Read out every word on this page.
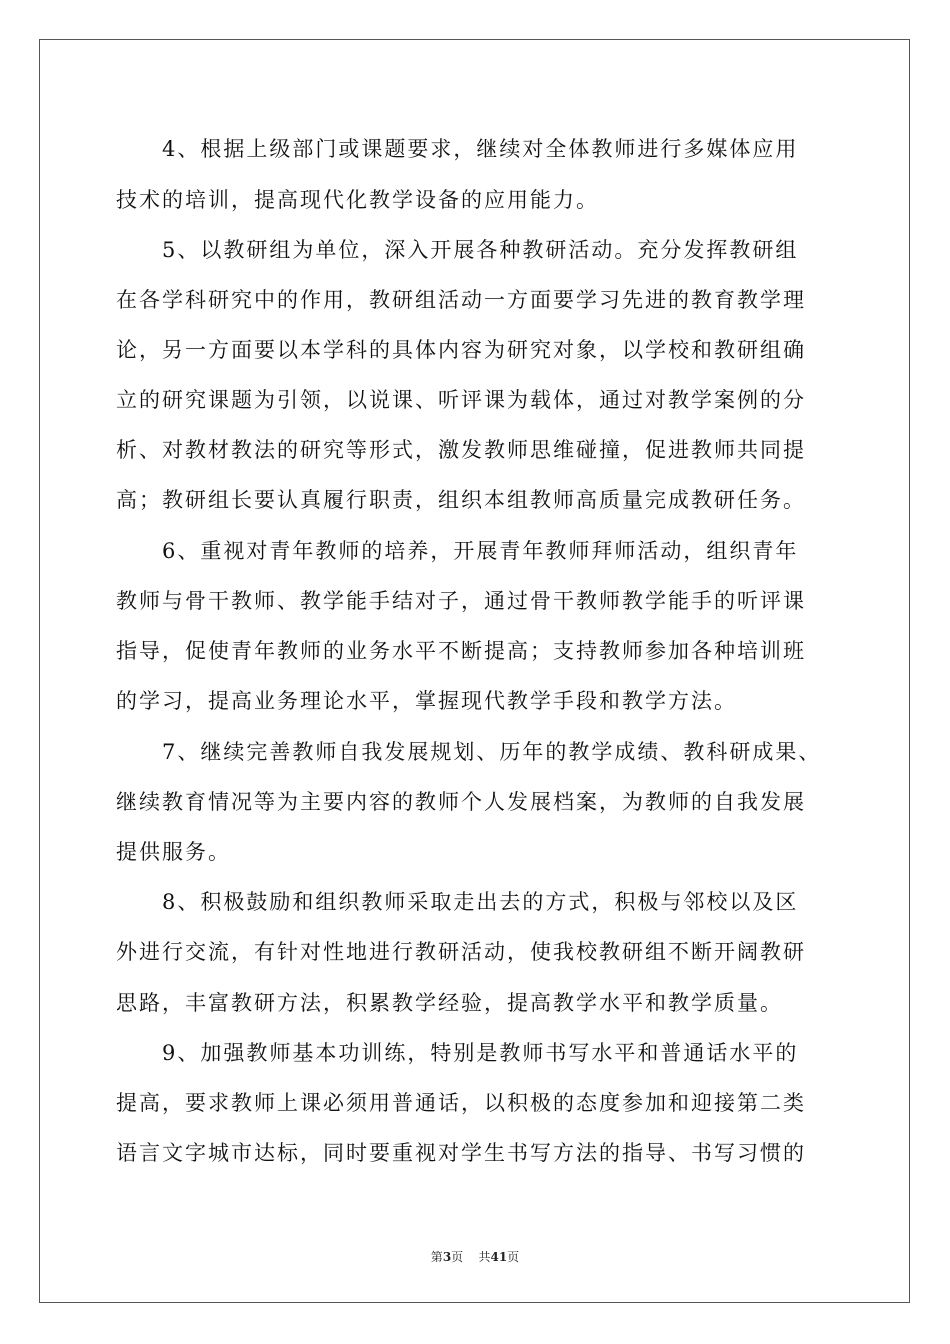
　　4、根据上级部门或课题要求，继续对全体教师进行多媒体应用
技术的培训，提高现代化教学设备的应用能力。
　　5、以教研组为单位，深入开展各种教研活动。充分发挥教研组
在各学科研究中的作用，教研组活动一方面要学习先进的教育教学理
论，另一方面要以本学科的具体内容为研究对象，以学校和教研组确
立的研究课题为引领，以说课、听评课为载体，通过对教学案例的分
析、对教材教法的研究等形式，激发教师思维碰撞，促进教师共同提
高；教研组长要认真履行职责，组织本组教师高质量完成教研任务。
　　6、重视对青年教师的培养，开展青年教师拜师活动，组织青年
教师与骨干教师、教学能手结对子，通过骨干教师教学能手的听评课
指导，促使青年教师的业务水平不断提高；支持教师参加各种培训班
的学习，提高业务理论水平，掌握现代教学手段和教学方法。
　　7、继续完善教师自我发展规划、历年的教学成绩、教科研成果、
继续教育情况等为主要内容的教师个人发展档案，为教师的自我发展
提供服务。
　　8、积极鼓励和组织教师采取走出去的方式，积极与邻校以及区
外进行交流，有针对性地进行教研活动，使我校教研组不断开阔教研
思路，丰富教研方法，积累教学经验，提高教学水平和教学质量。
　　9、加强教师基本功训练，特别是教师书写水平和普通话水平的
提高，要求教师上课必须用普通话，以积极的态度参加和迎接第二类
语言文字城市达标，同时要重视对学生书写方法的指导、书写习惯的
第3页 共41页
